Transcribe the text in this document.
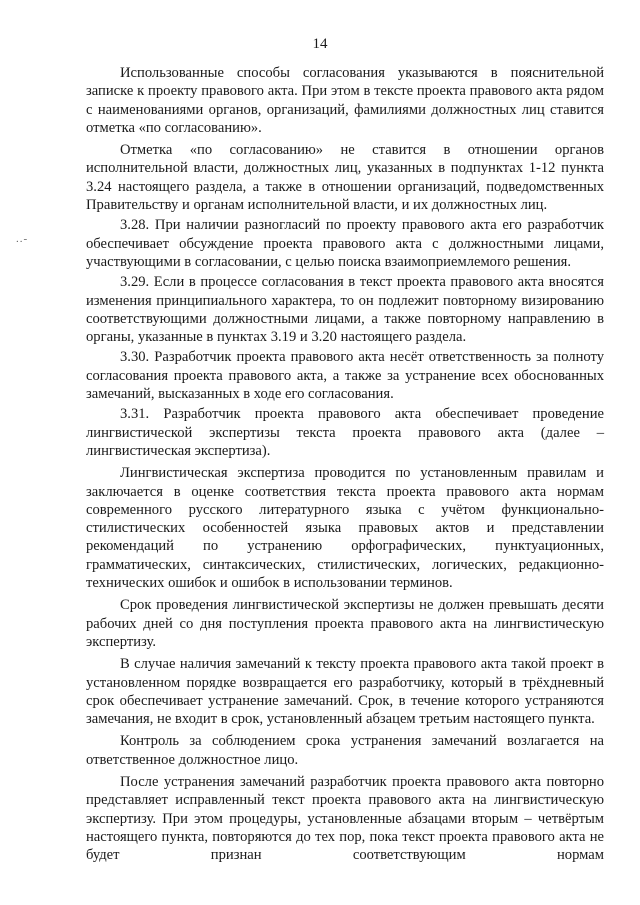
14
..-

Использованные способы согласования указываются в пояснительной записке к проекту правового акта. При этом в тексте проекта правового акта рядом с наименованиями органов, организаций, фамилиями должностных лиц ставится отметка «по согласованию».

Отметка «по согласованию» не ставится в отношении органов исполнительной власти, должностных лиц, указанных в подпунктах 1-12 пункта 3.24 настоящего раздела, а также в отношении организаций, подведомственных Правительству и органам исполнительной власти, и их должностных лиц.

3.28. При наличии разногласий по проекту правового акта его разработчик обеспечивает обсуждение проекта правового акта с должностными лицами, участвующими в согласовании, с целью поиска взаимоприемлемого решения.

3.29. Если в процессе согласования в текст проекта правового акта вносятся изменения принципиального характера, то он подлежит повторному визированию соответствующими должностными лицами, а также повторному направлению в органы, указанные в пунктах 3.19 и 3.20 настоящего раздела.

3.30. Разработчик проекта правового акта несёт ответственность за полноту согласования проекта правового акта, а также за устранение всех обоснованных замечаний, высказанных в ходе его согласования.

3.31. Разработчик проекта правового акта обеспечивает проведение лингвистической экспертизы текста проекта правового акта (далее – лингвистическая экспертиза).

Лингвистическая экспертиза проводится по установленным правилам и заключается в оценке соответствия текста проекта правового акта нормам современного русского литературного языка с учётом функционально-стилистических особенностей языка правовых актов и представлении рекомендаций по устранению орфографических, пунктуационных, грамматических, синтаксических, стилистических, логических, редакционно-технических ошибок и ошибок в использовании терминов.

Срок проведения лингвистической экспертизы не должен превышать десяти рабочих дней со дня поступления проекта правового акта на лингвистическую экспертизу.

В случае наличия замечаний к тексту проекта правового акта такой проект в установленном порядке возвращается его разработчику, который в трёхдневный срок обеспечивает устранение замечаний. Срок, в течение которого устраняются замечания, не входит в срок, установленный абзацем третьим настоящего пункта.

Контроль за соблюдением срока устранения замечаний возлагается на ответственное должностное лицо.

После устранения замечаний разработчик проекта правового акта повторно представляет исправленный текст проекта правового акта на лингвистическую экспертизу. При этом процедуры, установленные абзацами вторым – четвёртым настоящего пункта, повторяются до тех пор, пока текст проекта правового акта не будет признан соответствующим нормам
